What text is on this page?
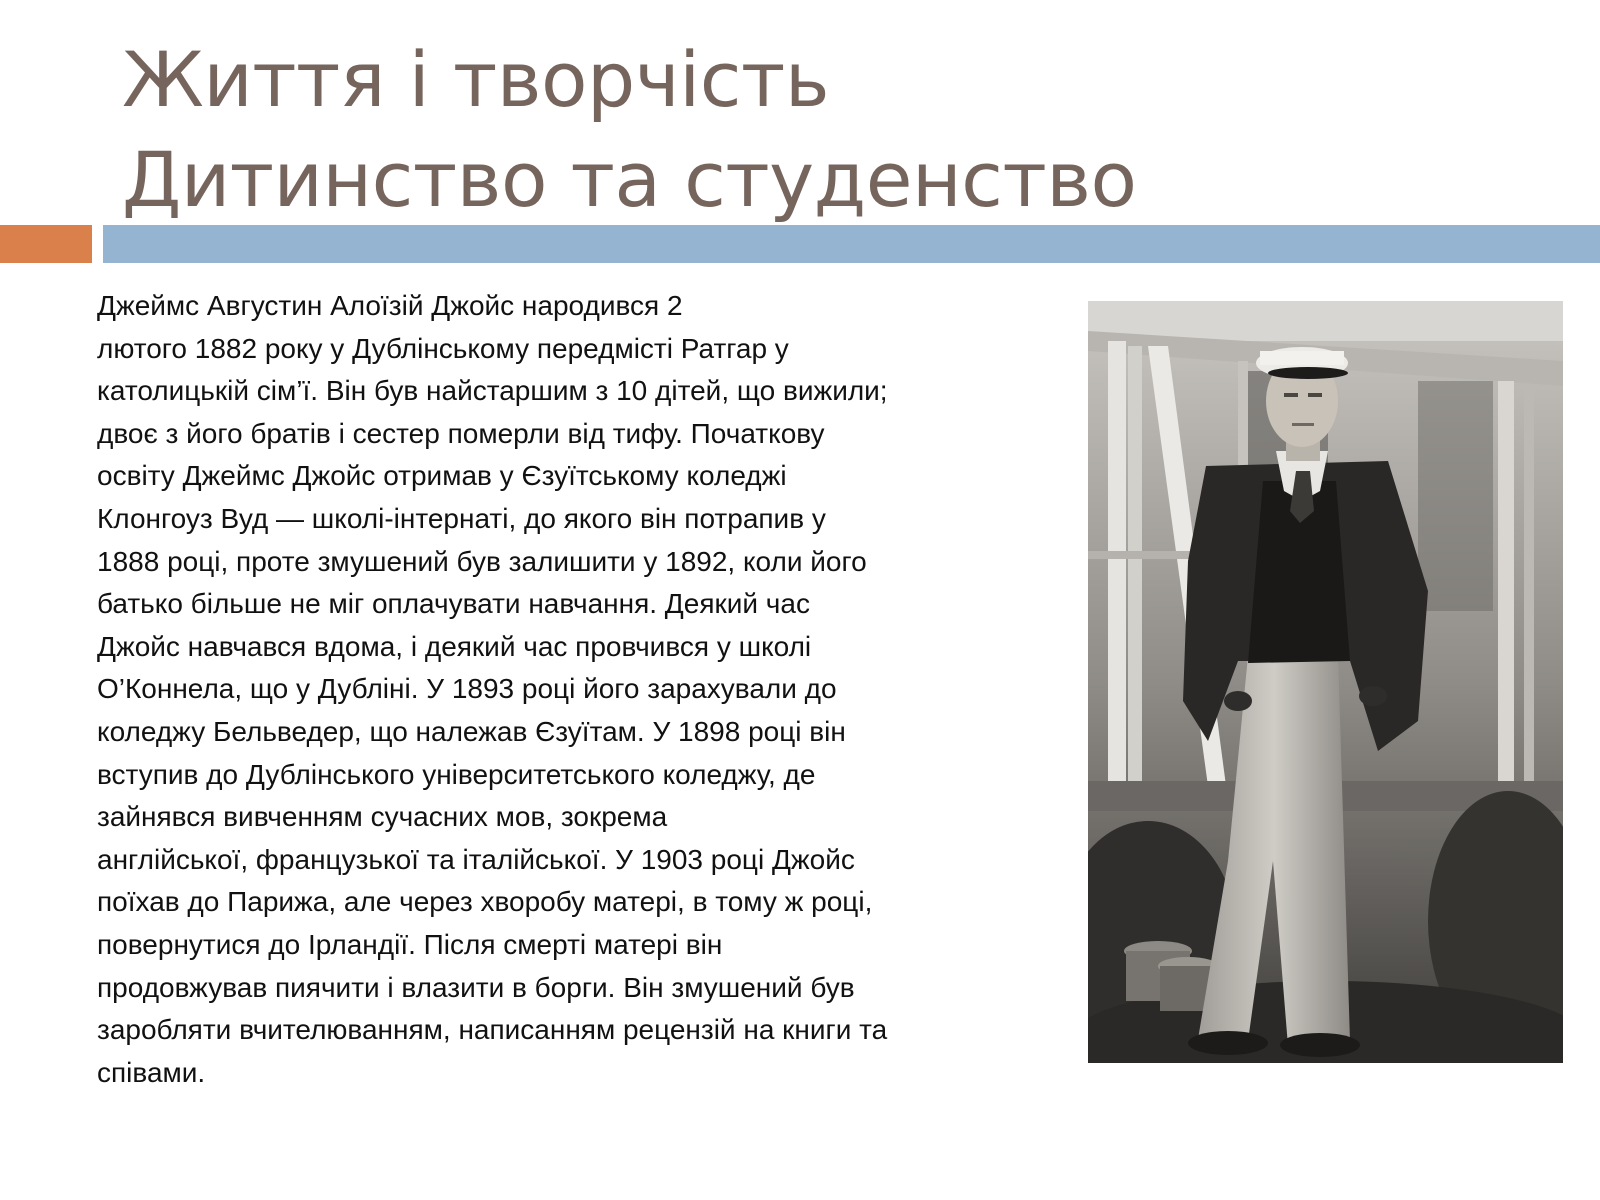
Життя і творчість
Дитинство та студенство
Джеймс Августин Алоїзій Джойс народився 2
лютого 1882 року у Дублінському передмісті Ратгар у
католицькій сім’ї. Він був найстаршим з 10 дітей, що вижили;
двоє з його братів і сестер померли від тифу. Початкову
освіту Джеймс Джойс отримав у Єзуїтському коледжі
Клонгоуз Вуд — школі-інтернаті, до якого він потрапив у
1888 році, проте змушений був залишити у 1892, коли його
батько більше не міг оплачувати навчання. Деякий час
Джойс навчався вдома, і деякий час провчився у школі
О’Коннела, що у Дубліні. У 1893 році його зарахували до
коледжу Бельведер, що належав Єзуїтам. У 1898 році він
вступив до Дублінського університетського коледжу, де
зайнявся вивченням сучасних мов, зокрема
англійської, французької та італійської. У 1903 році Джойс
поїхав до Парижа, але через хворобу матері, в тому ж році,
повернутися до Ірландії. Після смерті матері він
продовжував пиячити і влазити в борги. Він змушений був
заробляти вчителюванням, написанням рецензій на книги та
співами.
